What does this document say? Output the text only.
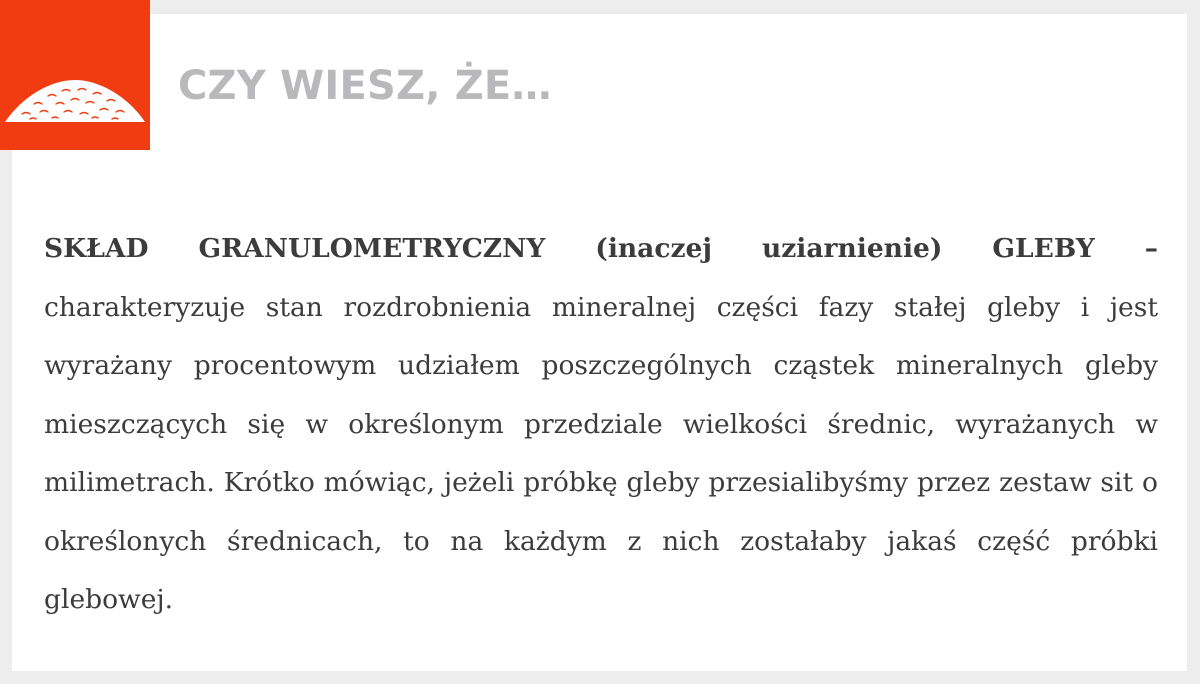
CZY WIESZ, ŻE…

SKŁAD GRANULOMETRYCZNY (inaczej uziarnienie) GLEBY – charakteryzuje stan rozdrobnienia mineralnej części fazy stałej gleby i jest wyrażany procentowym udziałem poszczególnych cząstek mineralnych gleby mieszczących się w określonym przedziale wielkości średnic, wyrażanych w milimetrach. Krótko mówiąc, jeżeli próbkę gleby przesialibyśmy przez zestaw sit o określonych średnicach, to na każdym z nich zostałaby jakaś część próbki glebowej.
